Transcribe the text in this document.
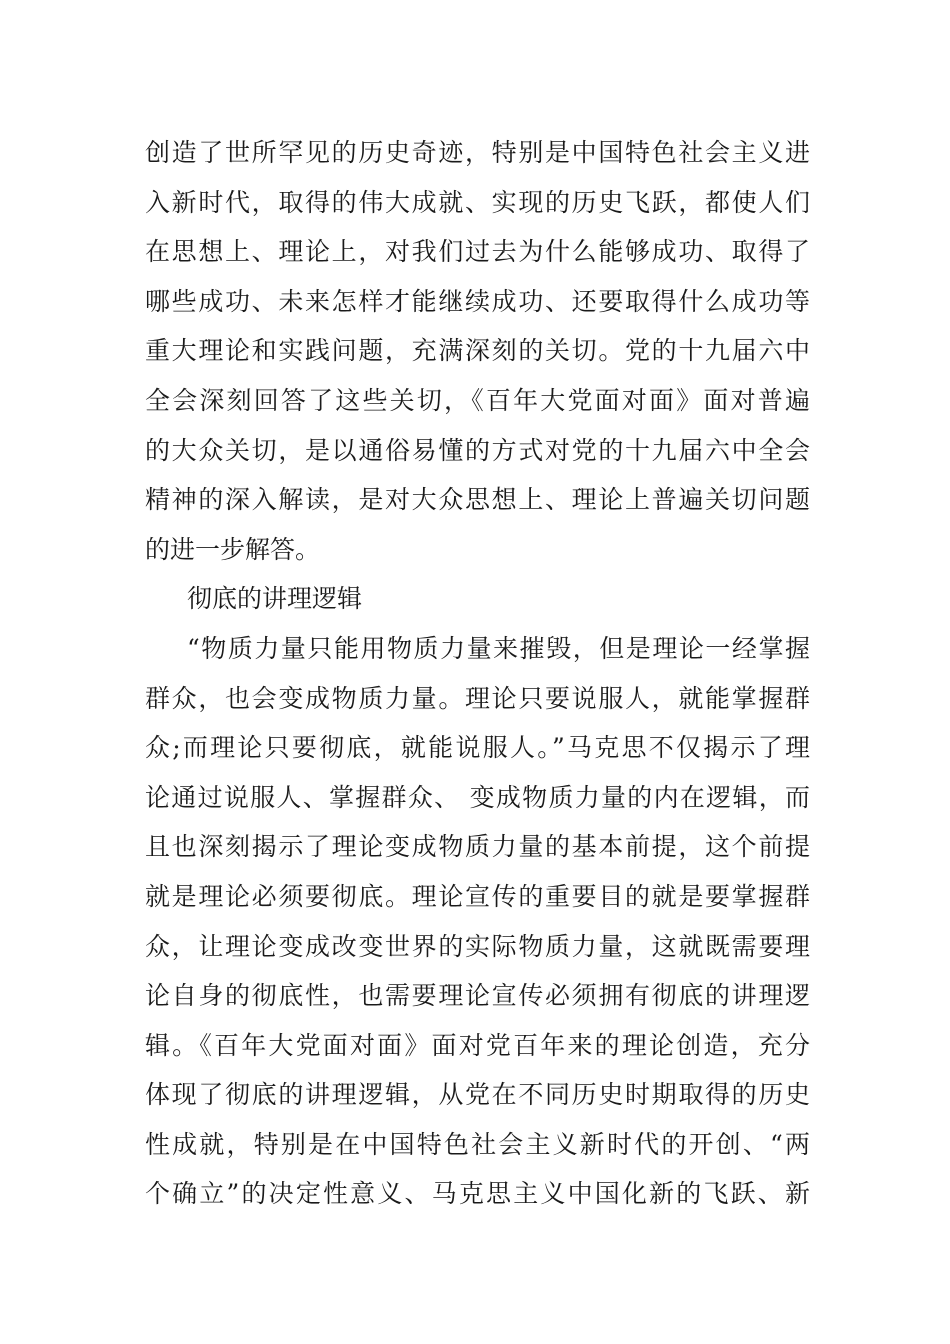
创造了世所罕见的历史奇迹，特别是中国特色社会主义进
入新时代，取得的伟大成就、实现的历史飞跃，都使人们
在思想上、理论上，对我们过去为什么能够成功、取得了
哪些成功、未来怎样才能继续成功、还要取得什么成功等
重大理论和实践问题，充满深刻的关切。党的十九届六中
全会深刻回答了这些关切，《百年大党面对面》面对普遍
的大众关切，是以通俗易懂的方式对党的十九届六中全会
精神的深入解读，是对大众思想上、理论上普遍关切问题
的进一步解答。
彻底的讲理逻辑
“物质力量只能用物质力量来摧毁，但是理论一经掌握
群众，也会变成物质力量。理论只要说服人，就能掌握群
众;而理论只要彻底，就能说服人。”马克思不仅揭示了理
论通过说服人、掌握群众、 变成物质力量的内在逻辑，而
且也深刻揭示了理论变成物质力量的基本前提，这个前提
就是理论必须要彻底。理论宣传的重要目的就是要掌握群
众，让理论变成改变世界的实际物质力量，这就既需要理
论自身的彻底性，也需要理论宣传必须拥有彻底的讲理逻
辑。《百年大党面对面》面对党百年来的理论创造，充分
体现了彻底的讲理逻辑，从党在不同历史时期取得的历史
性成就，特别是在中国特色社会主义新时代的开创、“两
个确立”的决定性意义、马克思主义中国化新的飞跃、新
